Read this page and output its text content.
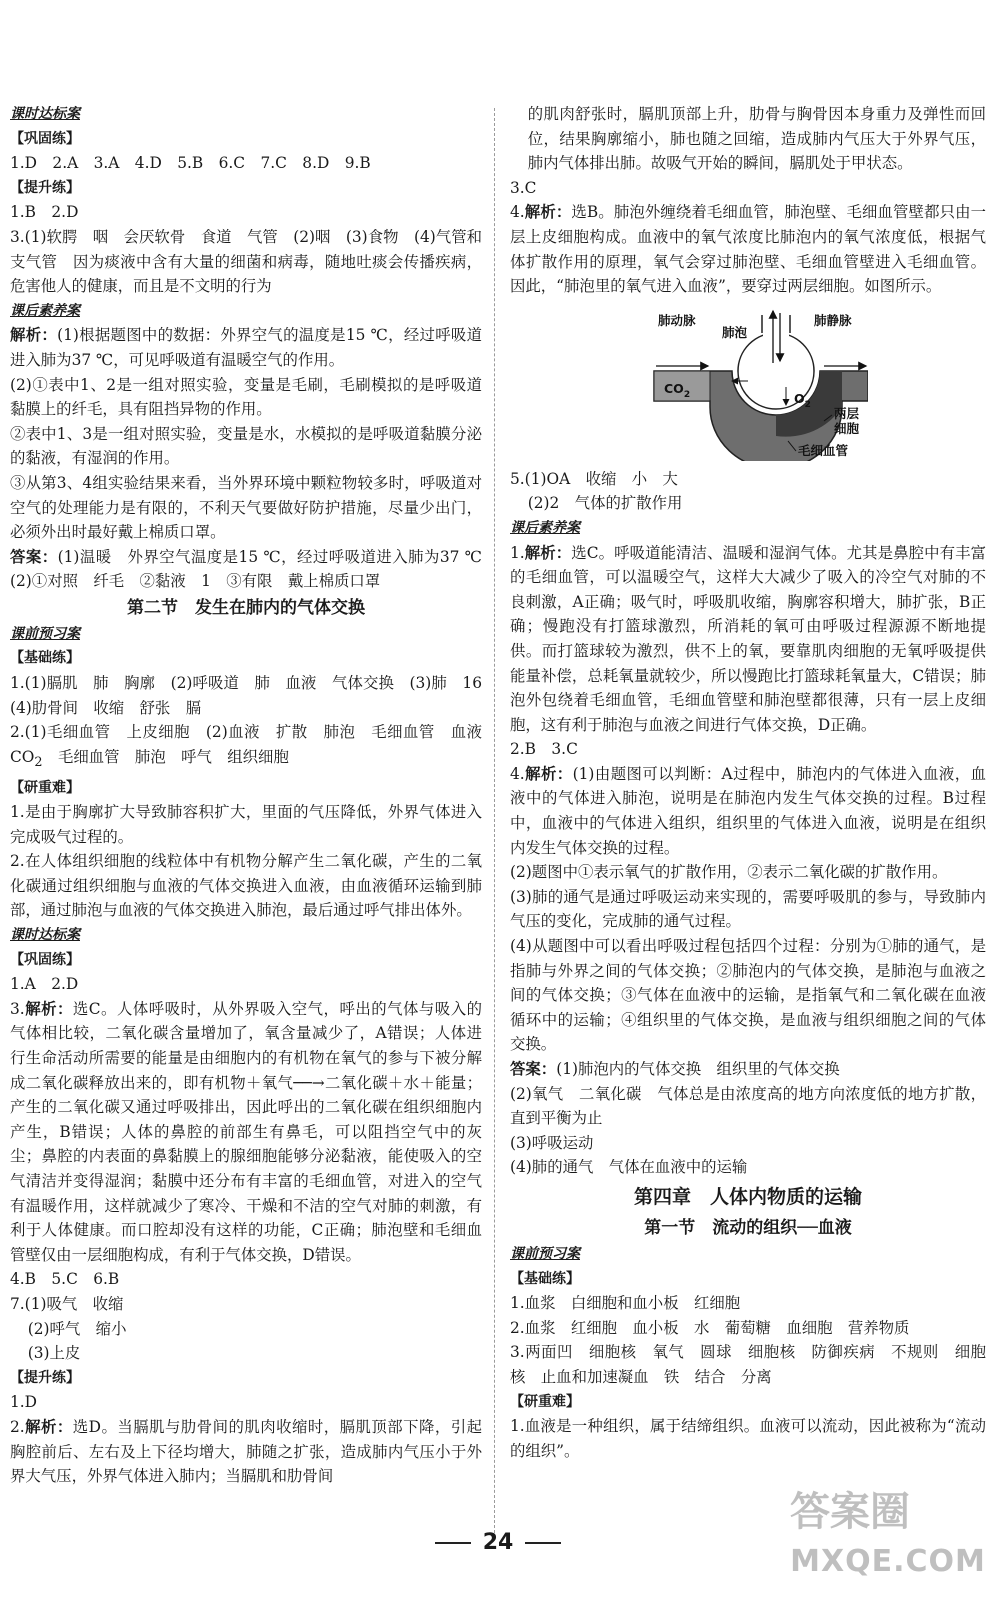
课时达标案
【巩固练】

1.D　2.A　3.A　4.D　5.B　6.C　7.C　8.D　9.B

【提升练】

1.B　2.D

3.(1)软腭　咽　会厌软骨　食道　气管　(2)咽　(3)食物　(4)气管和支气管　因为痰液中含有大量的细菌和病毒，随地吐痰会传播疾病，危害他人的健康，而且是不文明的行为

课后素养案

解析：(1)根据题图中的数据：外界空气的温度是15 ℃，经过呼吸道进入肺为37 ℃，可见呼吸道有温暖空气的作用。

(2)①表中1、2是一组对照实验，变量是毛刷，毛刷模拟的是呼吸道黏膜上的纤毛，具有阻挡异物的作用。

②表中1、3是一组对照实验，变量是水，水模拟的是呼吸道黏膜分泌的黏液，有湿润的作用。

③从第3、4组实验结果来看，当外界环境中颗粒物较多时，呼吸道对空气的处理能力是有限的，不利天气要做好防护措施，尽量少出门，必须外出时最好戴上棉质口罩。

答案：(1)温暖　外界空气温度是15 ℃，经过呼吸道进入肺为37 ℃　(2)①对照　纤毛　②黏液　1　③有限　戴上棉质口罩

第二节　发生在肺内的气体交换
课前预习案
【基础练】

1.(1)膈肌　肺　胸廓　(2)呼吸道　肺　血液　气体交换　(3)肺　16　(4)肋骨间　收缩　舒张　膈

2.(1)毛细血管　上皮细胞　(2)血液　扩散　肺泡　毛细血管　血液　$CO_2$　毛细血管　肺泡　呼气　组织细胞

【研重难】

1.是由于胸廓扩大导致肺容积扩大，里面的气压降低，外界气体进入完成吸气过程的。

2.在人体组织细胞的线粒体中有机物分解产生二氧化碳，产生的二氧化碳通过组织细胞与血液的气体交换进入血液，由血液循环运输到肺部，通过肺泡与血液的气体交换进入肺泡，最后通过呼气排出体外。

课时达标案
【巩固练】

1.A　2.D

3.解析：选C。人体呼吸时，从外界吸入空气，呼出的气体与吸入的气体相比较，二氧化碳含量增加了，氧含量减少了，A错误；人体进行生命活动所需要的能量是由细胞内的有机物在氧气的参与下被分解成二氧化碳释放出来的，即有机物＋氧气──→二氧化碳＋水＋能量；产生的二氧化碳又通过呼吸排出，因此呼出的二氧化碳在组织细胞内产生，B错误；人体的鼻腔的前部生有鼻毛，可以阻挡空气中的灰尘；鼻腔的内表面的鼻黏膜上的腺细胞能够分泌黏液，能使吸入的空气清洁并变得湿润；黏膜中还分布有丰富的毛细血管，对进入的空气有温暖作用，这样就减少了寒冷、干燥和不洁的空气对肺的刺激，有利于人体健康。而口腔却没有这样的功能，C正确；肺泡壁和毛细血管壁仅由一层细胞构成，有利于气体交换，D错误。

4.B　5.C　6.B

7.(1)吸气　收缩

(2)呼气　缩小

(3)上皮

【提升练】

1.D

2.解析：选D。当膈肌与肋骨间的肌肉收缩时，膈肌顶部下降，引起胸腔前后、左右及上下径均增大，肺随之扩张，造成肺内气压小于外界大气压，外界气体进入肺内；当膈肌和肋骨间

的肌肉舒张时，膈肌顶部上升，肋骨与胸骨因本身重力及弹性而回位，结果胸廓缩小，肺也随之回缩，造成肺内气压大于外界气压，肺内气体排出肺。故吸气开始的瞬间，膈肌处于甲状态。

3.C

4.解析：选B。肺泡外缠绕着毛细血管，肺泡壁、毛细血管壁都只由一层上皮细胞构成。血液中的氧气浓度比肺泡内的氧气浓度低，根据气体扩散作用的原理，氧气会穿过肺泡壁、毛细血管壁进入毛细血管。因此，“肺泡里的氧气进入血液”，要穿过两层细胞。如图所示。

肺动脉
肺泡
肺静脉
$CO_2$	$O_2$
两层
细胞
毛细血管

5.(1)OA　收缩　小　大

(2)2　气体的扩散作用

课后素养案

1.解析：选C。呼吸道能清洁、温暖和湿润气体。尤其是鼻腔中有丰富的毛细血管，可以温暖空气，这样大大减少了吸入的冷空气对肺的不良刺激，A正确；吸气时，呼吸肌收缩，胸廓容积增大，肺扩张，B正确；慢跑没有打篮球激烈，所消耗的氧可由呼吸过程源源不断地提供。而打篮球较为激烈，供不上的氧，要靠肌肉细胞的无氧呼吸提供能量补偿，总耗氧量就较少，所以慢跑比打篮球耗氧量大，C错误；肺泡外包绕着毛细血管，毛细血管壁和肺泡壁都很薄，只有一层上皮细胞，这有利于肺泡与血液之间进行气体交换，D正确。

2.B　3.C

4.解析：(1)由题图可以判断：A过程中，肺泡内的气体进入血液，血液中的气体进入肺泡，说明是在肺泡内发生气体交换的过程。B过程中，血液中的气体进入组织，组织里的气体进入血液，说明是在组织内发生气体交换的过程。

(2)题图中①表示氧气的扩散作用，②表示二氧化碳的扩散作用。

(3)肺的通气是通过呼吸运动来实现的，需要呼吸肌的参与，导致肺内气压的变化，完成肺的通气过程。

(4)从题图中可以看出呼吸过程包括四个过程：分别为①肺的通气，是指肺与外界之间的气体交换；②肺泡内的气体交换，是肺泡与血液之间的气体交换；③气体在血液中的运输，是指氧气和二氧化碳在血液循环中的运输；④组织里的气体交换，是血液与组织细胞之间的气体交换。

答案：(1)肺泡内的气体交换　组织里的气体交换

(2)氧气　二氧化碳　气体总是由浓度高的地方向浓度低的地方扩散，直到平衡为止

(3)呼吸运动

(4)肺的通气　气体在血液中的运输

第四章　人体内物质的运输
第一节　流动的组织──血液
课前预习案
【基础练】

1.血浆　白细胞和血小板　红细胞

2.血浆　红细胞　血小板　水　葡萄糖　血细胞　营养物质

3.两面凹　细胞核　氧气　圆球　细胞核　防御疾病　不规则　细胞核　止血和加速凝血　铁　结合　分离

【研重难】

1.血液是一种组织，属于结缔组织。血液可以流动，因此被称为“流动的组织”。

24
答案圈
MXQE.COM
